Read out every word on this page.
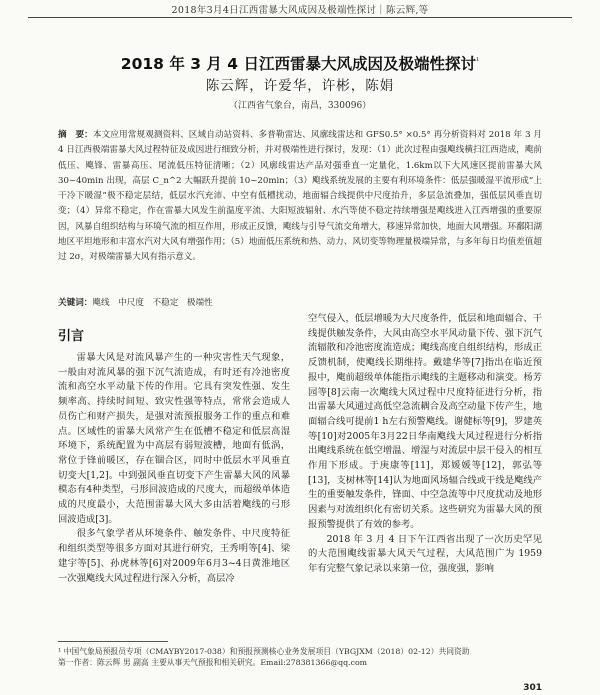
2018年3月4日江西雷暴大风成因及极端性探讨｜陈云辉,等
2018 年 3 月 4 日江西雷暴大风成因及极端性探讨$^{^1}$
陈云辉，许爱华，许彬，陈娟
（江西省气象台，南昌，330096）
摘　要：本文应用常规观测资料、区域自动站资料、多普勒雷达、风廓线雷达和 GFS0.5° ×0.5° 再分析资料对 2018 年 3 月 4 日江西极端雷暴大风过程特征及成因进行细致分析，并对极端性进行探讨，发现：（1）此次过程由强飑线横扫江西造成，飑前低压、飑锋、雷暴高压、尾流低压特征清晰；（2）风廓线雷达产品对强垂直一定量化，1.6km以下大风速区提前雷暴大风 30~40min 出现，高层 C_n^2 大幅跃升提前 10~20min；（3）飑线系统发展的主要有利环境条件：低层强暖湿平流形成“上干冷下暖湿”极不稳定层结，低层水汽充沛、中空有低槽扰动，地面辐合线提供中尺度抬升，多层急流叠加，强低层风垂直切变；（4）异常不稳定，作在雷暴大风发生前温度平流、大阳短波辐射、水汽等使不稳定持续增强是飑线进入江西增强的重要原因，风暴自组织结构与环境气流的相互作用，形成正反馈，飑线与引导气流交角增大，移速异常加快，地面大风增强。环鄱阳湖地区平坦地形和丰富水汽对大风有增强作用；（5）地面低压系统和热、动力、风切变等物理量极端异常，与多年每日均值差值超过 2σ，对极端雷暴大风有指示意义。
关键词：飑线　中尺度　不稳定　极端性
引言

雷暴大风是对流风暴产生的一种灾害性天气现象，一般由对流风暴的强下沉气流造成，有时还有冷池密度流和高空水平动量下传的作用。它具有突发性强、发生频率高、持续时间短、致灾性强等特点，常常会造成人员伤亡和财产损失，是强对流预报服务工作的重点和难点。区域性的雷暴大风常产生在低槽不稳定和低层高湿环境下，系统配置为中高层有弱短波槽，地面有低涡，常位于锋前暖区，存在锢合区，同时中低层水平风垂直切变大[1,2]。中到强风垂直切变下产生雷暴大风的风暴模态有4种类型，弓形回波造成的尺度大，而超级单体造成的尺度最小，大范围雷暴大风大多由活着飑线的弓形回波造成[3]。

很多气象学者从环境条件、触发条件、中尺度特征和组织类型等很多方面对其进行研究，王秀明等[4]、梁建宇等[5]、孙虎林等[6]对2009年6月3~4日黄淮地区一次强飑线大风过程进行深入分析，高层冷

空气侵入，低层增暖为大尺度条件，低层和地面辐合、干线提供触发条件，大风由高空水平风动量下传、强下沉气流辐散和冷池密度流造成；飑线高度自组织结构，形成正反馈机制，使飑线长期维持。戴建华等[7]指出在临近预报中，飑前超级单体能指示飑线的主题移动和演变。杨芳园等[8]云南一次飑线大风过程中尺度特征进行分析，指出雷暴大风通过高低空急流耦合及高空动量下传产生，地面辐合线可提前1 h左右预警飑线。谢健标等[9]，罗建英等[10]对2005年3月22日华南飑线大风过程进行分析指出飑线系统在低空增温、增湿与对流层中层干侵入的相互作用下形成。于庚康等[11]，郑媛媛等[12]，郭弘等[13]，支树林等[14]认为地面风场辐合线或干线是飑线产生的重要触发条件，锋面、中空急流等中尺度扰动及地形因素与对流组织化有密切关系。这些研究为雷暴大风的预报预警提供了有效的参考。

2018 年 3 月 4 日下午江西省出现了一次历史罕见的大范围飑线雷暴大风天气过程，大风范围广为 1959 年有完整气象记录以来第一位，强度强，影响

¹ 中国气象局预报员专项（CMAYBY2017-038）和预报预测核心业务发展项目（YBGJXM（2018）02-12）共同资助

第一作者：陈云辉 男 副高 主要从事天气预报和相关研究。Email:278381366@qq.com

301
